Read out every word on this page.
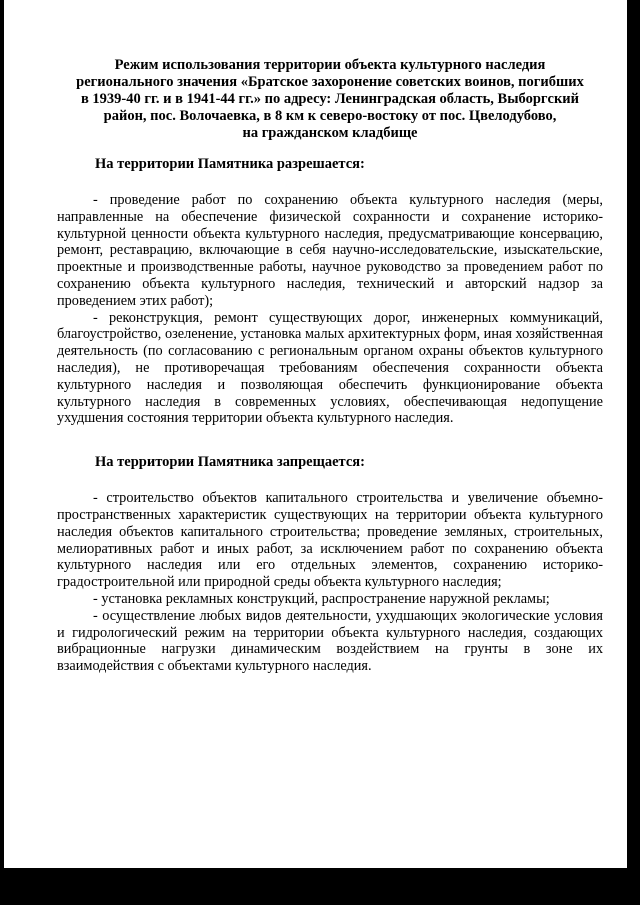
Режим использования территории объекта культурного наследия
регионального значения «Братское захоронение советских воинов, погибших
в 1939-40 гг. и в 1941-44 гг.» по адресу: Ленинградская область, Выборгский
район, пос. Волочаевка, в 8 км к северо-востоку от пос. Цвелодубово,
на гражданском кладбище
На территории Памятника разрешается:

- проведение работ по сохранению объекта культурного наследия (меры, направленные на обеспечение физической сохранности и сохранение историко-культурной ценности объекта культурного наследия, предусматривающие консервацию, ремонт, реставрацию, включающие в себя научно-исследовательские, изыскательские, проектные и производственные работы, научное руководство за проведением работ по сохранению объекта культурного наследия, технический и авторский надзор за проведением этих работ);

- реконструкция, ремонт существующих дорог, инженерных коммуникаций, благоустройство, озеленение, установка малых архитектурных форм, иная хозяйственная деятельность (по согласованию с региональным органом охраны объектов культурного наследия), не противоречащая требованиям обеспечения сохранности объекта культурного наследия и позволяющая обеспечить функционирование объекта культурного наследия в современных условиях, обеспечивающая недопущение ухудшения состояния территории объекта культурного наследия.

На территории Памятника запрещается:

- строительство объектов капитального строительства и увеличение объемно-пространственных характеристик существующих на территории объекта культурного наследия объектов капитального строительства; проведение земляных, строительных, мелиоративных работ и иных работ, за исключением работ по сохранению объекта культурного наследия или его отдельных элементов, сохранению историко-градостроительной или природной среды объекта культурного наследия;

- установка рекламных конструкций, распространение наружной рекламы;

- осуществление любых видов деятельности, ухудшающих экологические условия и гидрологический режим на территории объекта культурного наследия, создающих вибрационные нагрузки динамическим воздействием на грунты в зоне их взаимодействия с объектами культурного наследия.
